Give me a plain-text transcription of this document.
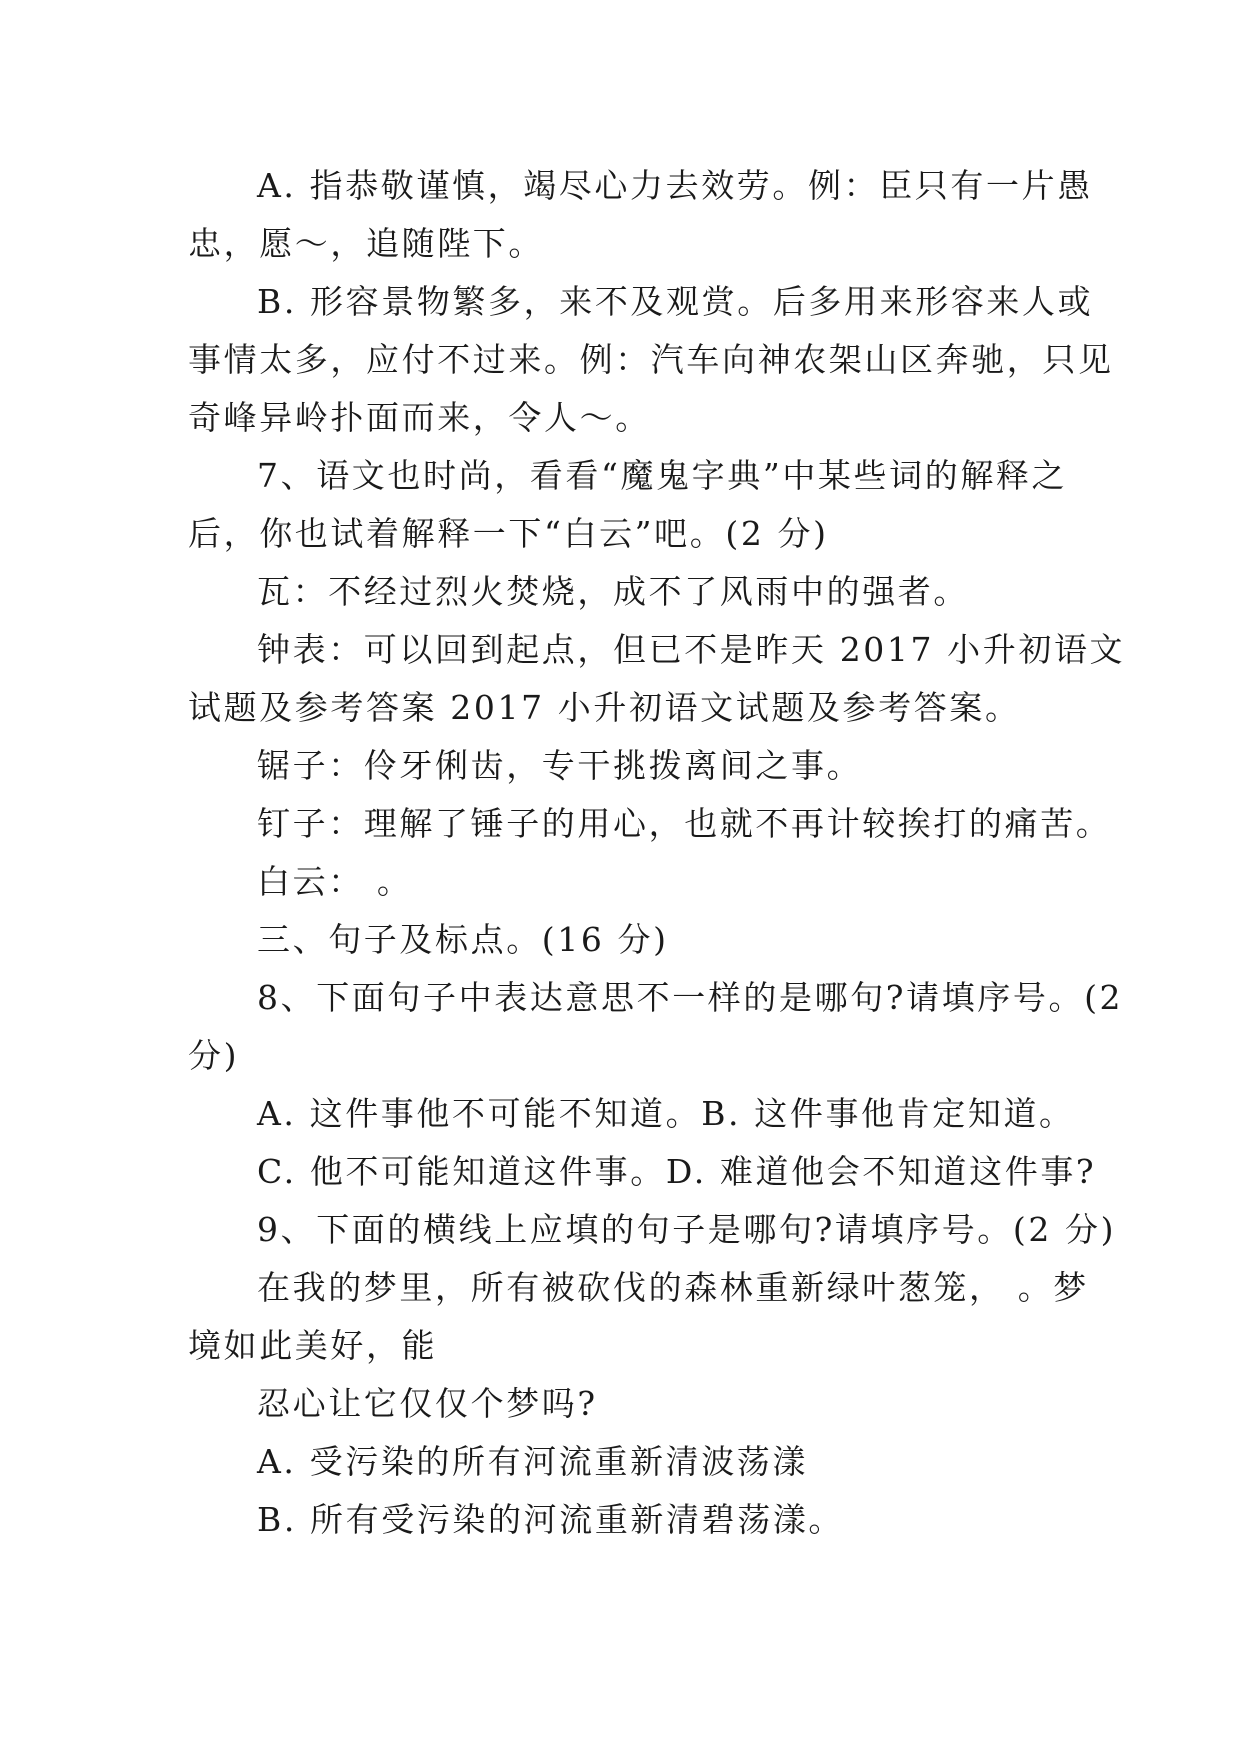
A. 指恭敬谨慎，竭尽心力去效劳。例：臣只有一片愚
忠，愿～，追随陛下。
B. 形容景物繁多，来不及观赏。后多用来形容来人或
事情太多，应付不过来。例：汽车向神农架山区奔驰，只见
奇峰异岭扑面而来，令人～。
7、语文也时尚，看看“魔鬼字典”中某些词的解释之
后，你也试着解释一下“白云”吧。(2 分)
瓦：不经过烈火焚烧，成不了风雨中的强者。
钟表：可以回到起点，但已不是昨天 2017 小升初语文
试题及参考答案 2017 小升初语文试题及参考答案。
锯子：伶牙俐齿，专干挑拨离间之事。
钉子：理解了锤子的用心，也就不再计较挨打的痛苦。
白云： 。
三、句子及标点。(16 分)
8、下面句子中表达意思不一样的是哪句?请填序号。(2
分)
A. 这件事他不可能不知道。B. 这件事他肯定知道。
C. 他不可能知道这件事。D. 难道他会不知道这件事?
9、下面的横线上应填的句子是哪句?请填序号。(2 分)
在我的梦里，所有被砍伐的森林重新绿叶葱笼， 。梦
境如此美好，能
忍心让它仅仅个梦吗?
A. 受污染的所有河流重新清波荡漾
B. 所有受污染的河流重新清碧荡漾。
